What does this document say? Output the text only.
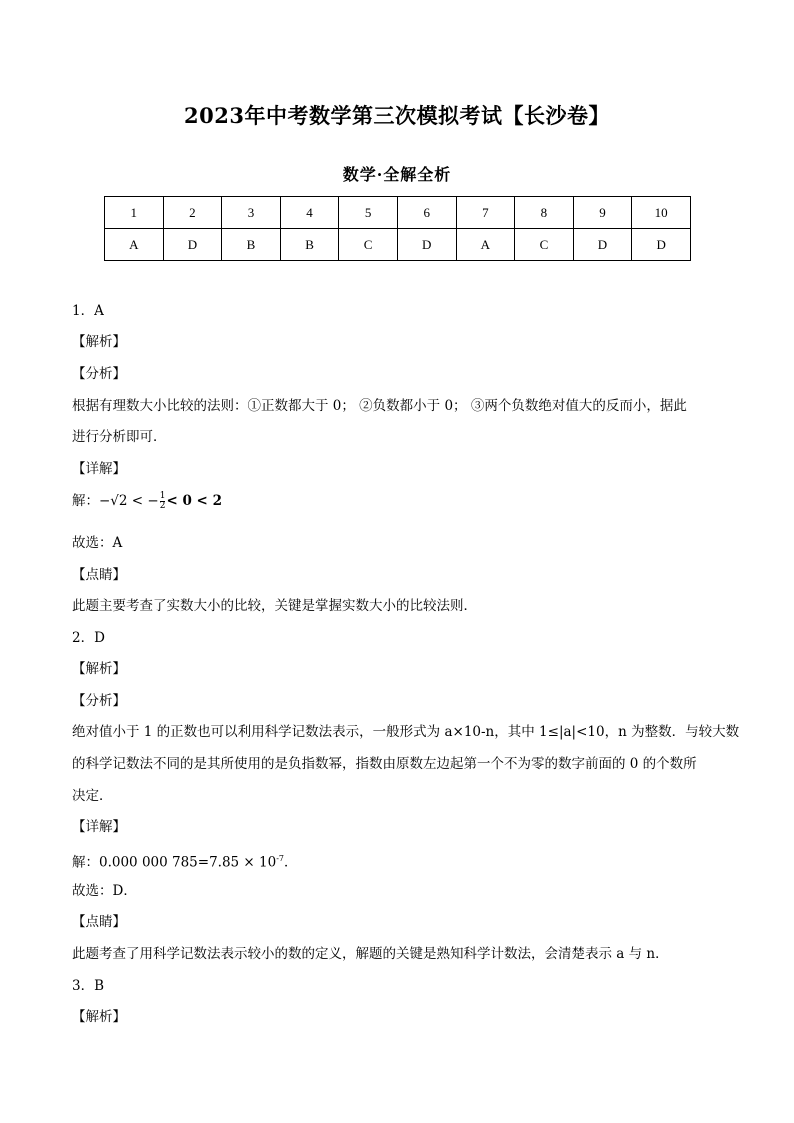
2023年中考数学第三次模拟考试【长沙卷】
数学·全解全析
1	2	3	4	5	6	7	8	9	10
A	D	B	B	C	D	A	C	D	D
1．A
【解析】
【分析】
根据有理数大小比较的法则：①正数都大于 0； ②负数都小于 0； ③两个负数绝对值大的反而小，据此
进行分析即可．
【详解】
解：−√2 < − $\frac{1}{2} < 0 < 2$
故选：A
【点睛】
此题主要考查了实数大小的比较，关键是掌握实数大小的比较法则．
2．D
【解析】
【分析】
绝对值小于 1 的正数也可以利用科学记数法表示，一般形式为 a×10-n，其中 1≤|a|<10，n 为整数．与较大数
的科学记数法不同的是其所使用的是负指数幂，指数由原数左边起第一个不为零的数字前面的 0 的个数所
决定．
【详解】
解：0.000 000 $785=7.85 \times 10^{-7}$．
故选：D．
【点睛】
此题考查了用科学记数法表示较小的数的定义，解题的关键是熟知科学计数法，会清楚表示 a 与 n．
3．B
【解析】
